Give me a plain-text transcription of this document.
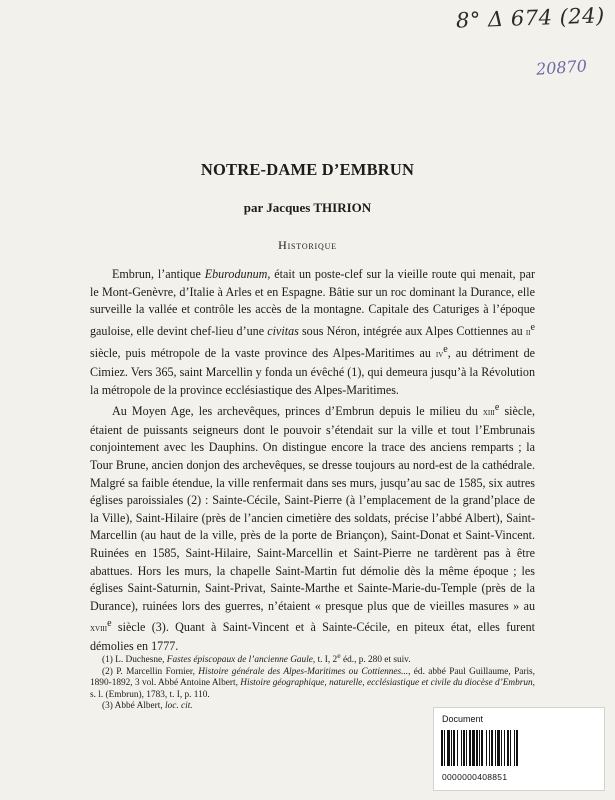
8° Δ 674 (24)
20870
NOTRE-DAME D’EMBRUN
par Jacques THIRION
Historique

Embrun, l’antique Eburodunum, était un poste-clef sur la vieille route qui menait, par le Mont-Genèvre, d’Italie à Arles et en Espagne. Bâtie sur un roc dominant la Durance, elle surveille la vallée et contrôle les accès de la montagne. Capitale des Caturiges à l’époque gauloise, elle devint chef-lieu d’une civitas sous Néron, intégrée aux Alpes Cottiennes au $ii^e$ siècle, puis métropole de la vaste province des Alpes-Maritimes au $iv^e$, au détriment de Cimiez. Vers 365, saint Marcellin y fonda un évêché (1), qui demeura jusqu’à la Révolution la métropole de la province ecclésiastique des Alpes-Maritimes.

Au Moyen Age, les archevêques, princes d’Embrun depuis le milieu du xiii$^e$ siècle, étaient de puissants seigneurs dont le pouvoir s’étendait sur la ville et tout l’Embrunais conjointement avec les Dauphins. On distingue encore la trace des anciens remparts ; la Tour Brune, ancien donjon des archevêques, se dresse toujours au nord-est de la cathédrale. Malgré sa faible étendue, la ville renfermait dans ses murs, jusqu’au sac de 1585, six autres églises paroissiales (2) : Sainte-Cécile, Saint-Pierre (à l’emplacement de la grand’place de la Ville), Saint-Hilaire (près de l’ancien cimetière des soldats, précise l’abbé Albert), Saint-Marcellin (au haut de la ville, près de la porte de Briançon), Saint-Donat et Saint-Vincent. Ruinées en 1585, Saint-Hilaire, Saint-Marcellin et Saint-Pierre ne tardèrent pas à être abattues. Hors les murs, la chapelle Saint-Martin fut démolie dès la même époque ; les églises Saint-Saturnin, Saint-Privat, Sainte-Marthe et Sainte-Marie-du-Temple (près de la Durance), ruinées lors des guerres, n’étaient « presque plus que de vieilles masures » au xviii$^e$ siècle (3). Quant à Saint-Vincent et à Sainte-Cécile, en piteux état, elles furent démolies en 1777.

(1) L. Duchesne, Fastes épiscopaux de l’ancienne Gaule, t. I, 2e éd., p. 280 et suiv.

(2) P. Marcellin Fornier, Histoire générale des Alpes-Maritimes ou Cottiennes..., éd. abbé Paul Guillaume, Paris, 1890-1892, 3 vol. Abbé Antoine Albert, Histoire géographique, naturelle, ecclésiastique et civile du diocèse d’Embrun, s. l. (Embrun), 1783, t. I, p. 110.

(3) Abbé Albert, loc. cit.

Document
0000000408851
